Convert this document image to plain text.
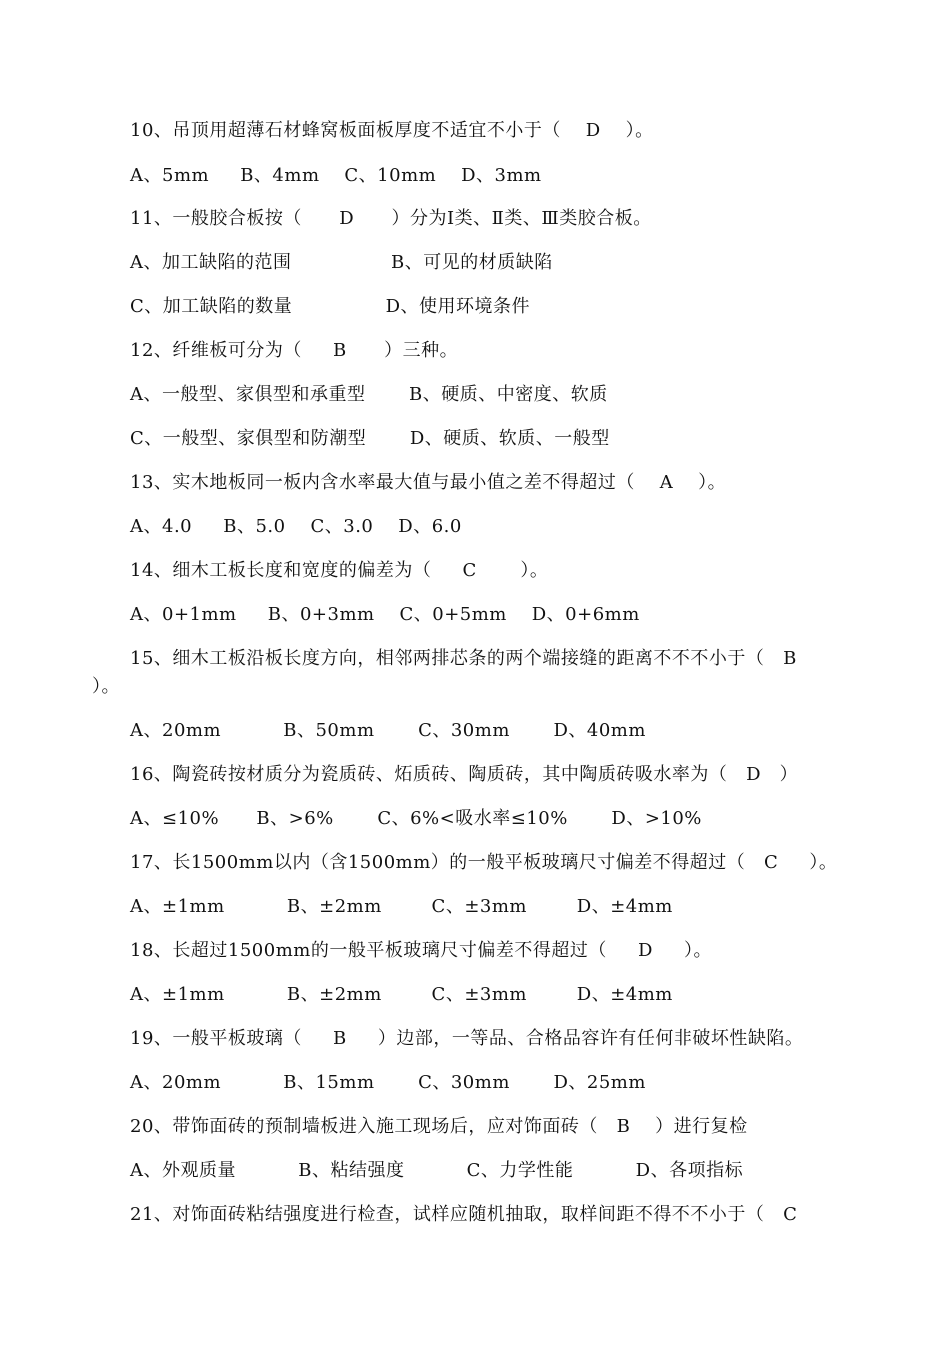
10、吊顶用超薄石材蜂窝板面板厚度不适宜不小于（    D    ）。
A、5mm     B、4mm    C、10mm    D、3mm
11、一般胶合板按（      D      ）分为Ⅰ类、Ⅱ类、Ⅲ类胶合板。
A、加工缺陷的范围                B、可见的材质缺陷
C、加工缺陷的数量               D、使用环境条件
12、纤维板可分为（     B      ）三种。
A、一般型、家俱型和承重型       B、硬质、中密度、软质
C、一般型、家俱型和防潮型       D、硬质、软质、一般型
13、实木地板同一板内含水率最大值与最小值之差不得超过（    A    ）。
A、4.0     B、5.0    C、3.0    D、6.0
14、细木工板长度和宽度的偏差为（     C       ）。
A、0+1mm     B、0+3mm    C、0+5mm    D、0+6mm
15、细木工板沿板长度方向，相邻两排芯条的两个端接缝的距离不不不小于（   B
）。
A、20mm          B、50mm       C、30mm       D、40mm
16、陶瓷砖按材质分为瓷质砖、炻质砖、陶质砖，其中陶质砖吸水率为（   D   ）
A、≤10%      B、>6%       C、6%<吸水率≤10%       D、>10%
17、长1500mm以内（含1500mm）的一般平板玻璃尺寸偏差不得超过（   C     ）。
A、±1mm          B、±2mm        C、±3mm        D、±4mm
18、长超过1500mm的一般平板玻璃尺寸偏差不得超过（     D     ）。
A、±1mm          B、±2mm        C、±3mm        D、±4mm
19、一般平板玻璃（     B     ）边部，一等品、合格品容许有任何非破坏性缺陷。
A、20mm          B、15mm       C、30mm       D、25mm
20、带饰面砖的预制墙板进入施工现场后，应对饰面砖（   B    ）进行复检
A、外观质量          B、粘结强度          C、力学性能          D、各项指标
21、对饰面砖粘结强度进行检查，试样应随机抽取，取样间距不得不不小于（   C
